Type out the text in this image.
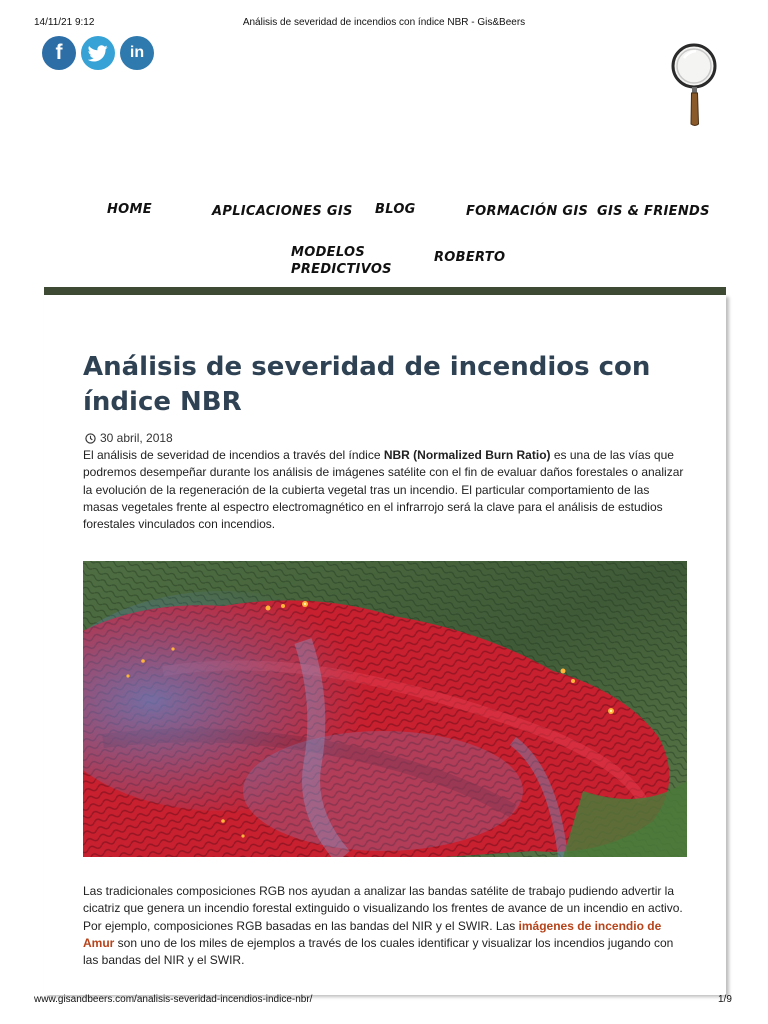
14/11/21 9:12	Análisis de severidad de incendios con índice NBR - Gis&Beers
f	in
HOME	APLICACIONES GIS BLOG	FORMACIÓN GIS GIS & FRIENDS
MODELOS
PREDICTIVOS
ROBERTO
Análisis de severidad de incendios con índice NBR
30 abril, 2018

El análisis de severidad de incendios a través del índice NBR (Normalized Burn Ratio) es una de las vías que podremos desempeñar durante los análisis de imágenes satélite con el fin de evaluar daños forestales o analizar la evolución de la regeneración de la cubierta vegetal tras un incendio. El particular comportamiento de las masas vegetales frente al espectro electromagnético en el infrarrojo será la clave para el análisis de estudios forestales vinculados con incendios.

Las tradicionales composiciones RGB nos ayudan a analizar las bandas satélite de trabajo pudiendo advertir la cicatriz que genera un incendio forestal extinguido o visualizando los frentes de avance de un incendio en activo. Por ejemplo, composiciones RGB basadas en las bandas del NIR y el SWIR. Las imágenes de incendio de Amur son uno de los miles de ejemplos a través de los cuales identificar y visualizar los incendios jugando con las bandas del NIR y el SWIR.

www.gisandbeers.com/analisis-severidad-incendios-indice-nbr/	1/9
